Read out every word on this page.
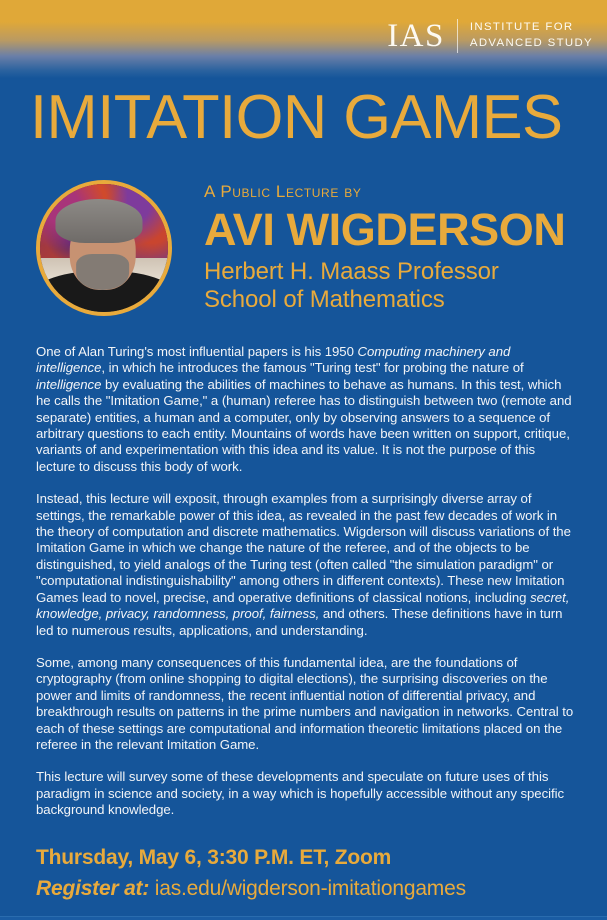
IAS	INSTITUTE FOR
ADVANCED STUDY
IMITATION GAMES
A Public Lecture by
AVI WIGDERSON
Herbert H. Maass Professor
School of Mathematics

One of Alan Turing's most influential papers is his 1950 Computing machinery and intelligence, in which he introduces the famous "Turing test" for probing the nature of intelligence by evaluating the abilities of machines to behave as humans. In this test, which he calls the "Imitation Game," a (human) referee has to distinguish between two (remote and separate) entities, a human and a computer, only by observing answers to a sequence of arbitrary questions to each entity. Mountains of words have been written on support, critique, variants of and experimentation with this idea and its value. It is not the purpose of this lecture to discuss this body of work.

Instead, this lecture will exposit, through examples from a surprisingly diverse array of settings, the remarkable power of this idea, as revealed in the past few decades of work in the theory of computation and discrete mathematics. Wigderson will discuss variations of the Imitation Game in which we change the nature of the referee, and of the objects to be distinguished, to yield analogs of the Turing test (often called "the simulation paradigm" or "computational indistinguishability" among others in different contexts). These new Imitation Games lead to novel, precise, and operative definitions of classical notions, including secret, knowledge, privacy, randomness, proof, fairness, and others. These definitions have in turn led to numerous results, applications, and understanding.

Some, among many consequences of this fundamental idea, are the foundations of cryptography (from online shopping to digital elections), the surprising discoveries on the power and limits of randomness, the recent influential notion of differential privacy, and breakthrough results on patterns in the prime numbers and navigation in networks. Central to each of these settings are computational and information theoretic limitations placed on the referee in the relevant Imitation Game.

This lecture will survey some of these developments and speculate on future uses of this paradigm in science and society, in a way which is hopefully accessible without any specific background knowledge.

Thursday, May 6, 3:30 P.M. ET, Zoom
Register at: ias.edu/wigderson-imitationgames
